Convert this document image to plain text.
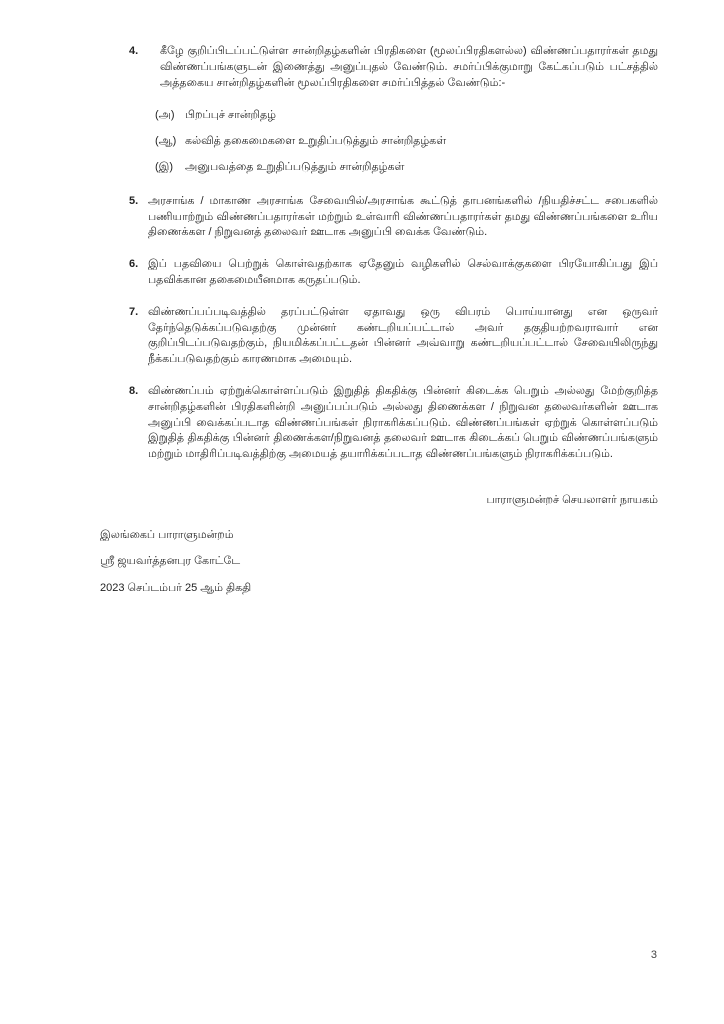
4.	கீழே குறிப்பிடப்பட்டுள்ள சான்றிதழ்களின் பிரதிகளை (மூலப்பிரதிகளல்ல) விண்ணப்பதாரர்கள் தமது விண்ணப்பங்களுடன் இணைத்து அனுப்புதல் வேண்டும். சமர்ப்பிக்குமாறு கேட்கப்படும் பட்சத்தில் அத்தகைய சான்றிதழ்களின் மூலப்பிரதிகளை சமர்ப்பித்தல் வேண்டும்:-
(அ) பிறப்புச் சான்றிதழ்
(ஆ) கல்வித் தகைமைகளை உறுதிப்படுத்தும் சான்றிதழ்கள்
(இ)	அனுபவத்தை உறுதிப்படுத்தும் சான்றிதழ்கள்
5. அரசாங்க / மாகாண அரசாங்க சேவையில்/அரசாங்க கூட்டுத் தாபனங்களில் /நியதிச்சட்ட சபைகளில் பணியாற்றும் விண்ணப்பதாரர்கள் மற்றும் உள்வாரி விண்ணப்பதாரர்கள் தமது விண்ணப்பங்களை உரிய திணைக்கள / நிறுவனத் தலைவர் ஊடாக அனுப்பி வைக்க வேண்டும்.
6. இப் பதவியை பெற்றுக் கொள்வதற்காக ஏதேனும் வழிகளில் செல்வாக்குகளை பிரயோகிப்பது இப் பதவிக்கான தகைமையீனமாக கருதப்படும்.
7. விண்ணப்பப்படிவத்தில் தரப்பட்டுள்ள ஏதாவது ஒரு விபரம் பொய்யானது என ஒருவர் தேர்ந்தெடுக்கப்படுவதற்கு முன்னர் கண்டறியப்பட்டால் அவர் தகுதியற்றவராவார் என குறிப்பிடப்படுவதற்கும், நியமிக்கப்பட்டதன் பின்னர் அவ்வாறு கண்டறியப்பட்டால் சேவையிலிருந்து நீக்கப்படுவதற்கும் காரணமாக அமையும்.
8. விண்ணப்பம் ஏற்றுக்கொள்ளப்படும் இறுதித் திகதிக்கு பின்னர் கிடைக்க பெறும் அல்லது மேற்குறித்த சான்றிதழ்களின் பிரதிகளின்றி அனுப்பப்படும் அல்லது திணைக்கள / நிறுவன தலைவர்களின் ஊடாக அனுப்பி வைக்கப்படாத விண்ணப்பங்கள் நிராகரிக்கப்படும். விண்ணப்பங்கள் ஏற்றுக் கொள்ளப்படும் இறுதித் திகதிக்கு பின்னர் திணைக்கள/நிறுவனத் தலைவர் ஊடாக கிடைக்கப் பெறும் விண்ணப்பங்களும் மற்றும் மாதிரிப்படிவத்திற்கு அமையத் தயாரிக்கப்படாத விண்ணப்பங்களும் நிராகரிக்கப்படும்.
பாராளுமன்றச் செயலாளர் நாயகம்
இலங்கைப் பாராளுமன்றம்
ஸ்ரீ ஜயவர்த்தனபுர கோட்டே
2023 செப்டம்பர் 25 ஆம் திகதி
3
